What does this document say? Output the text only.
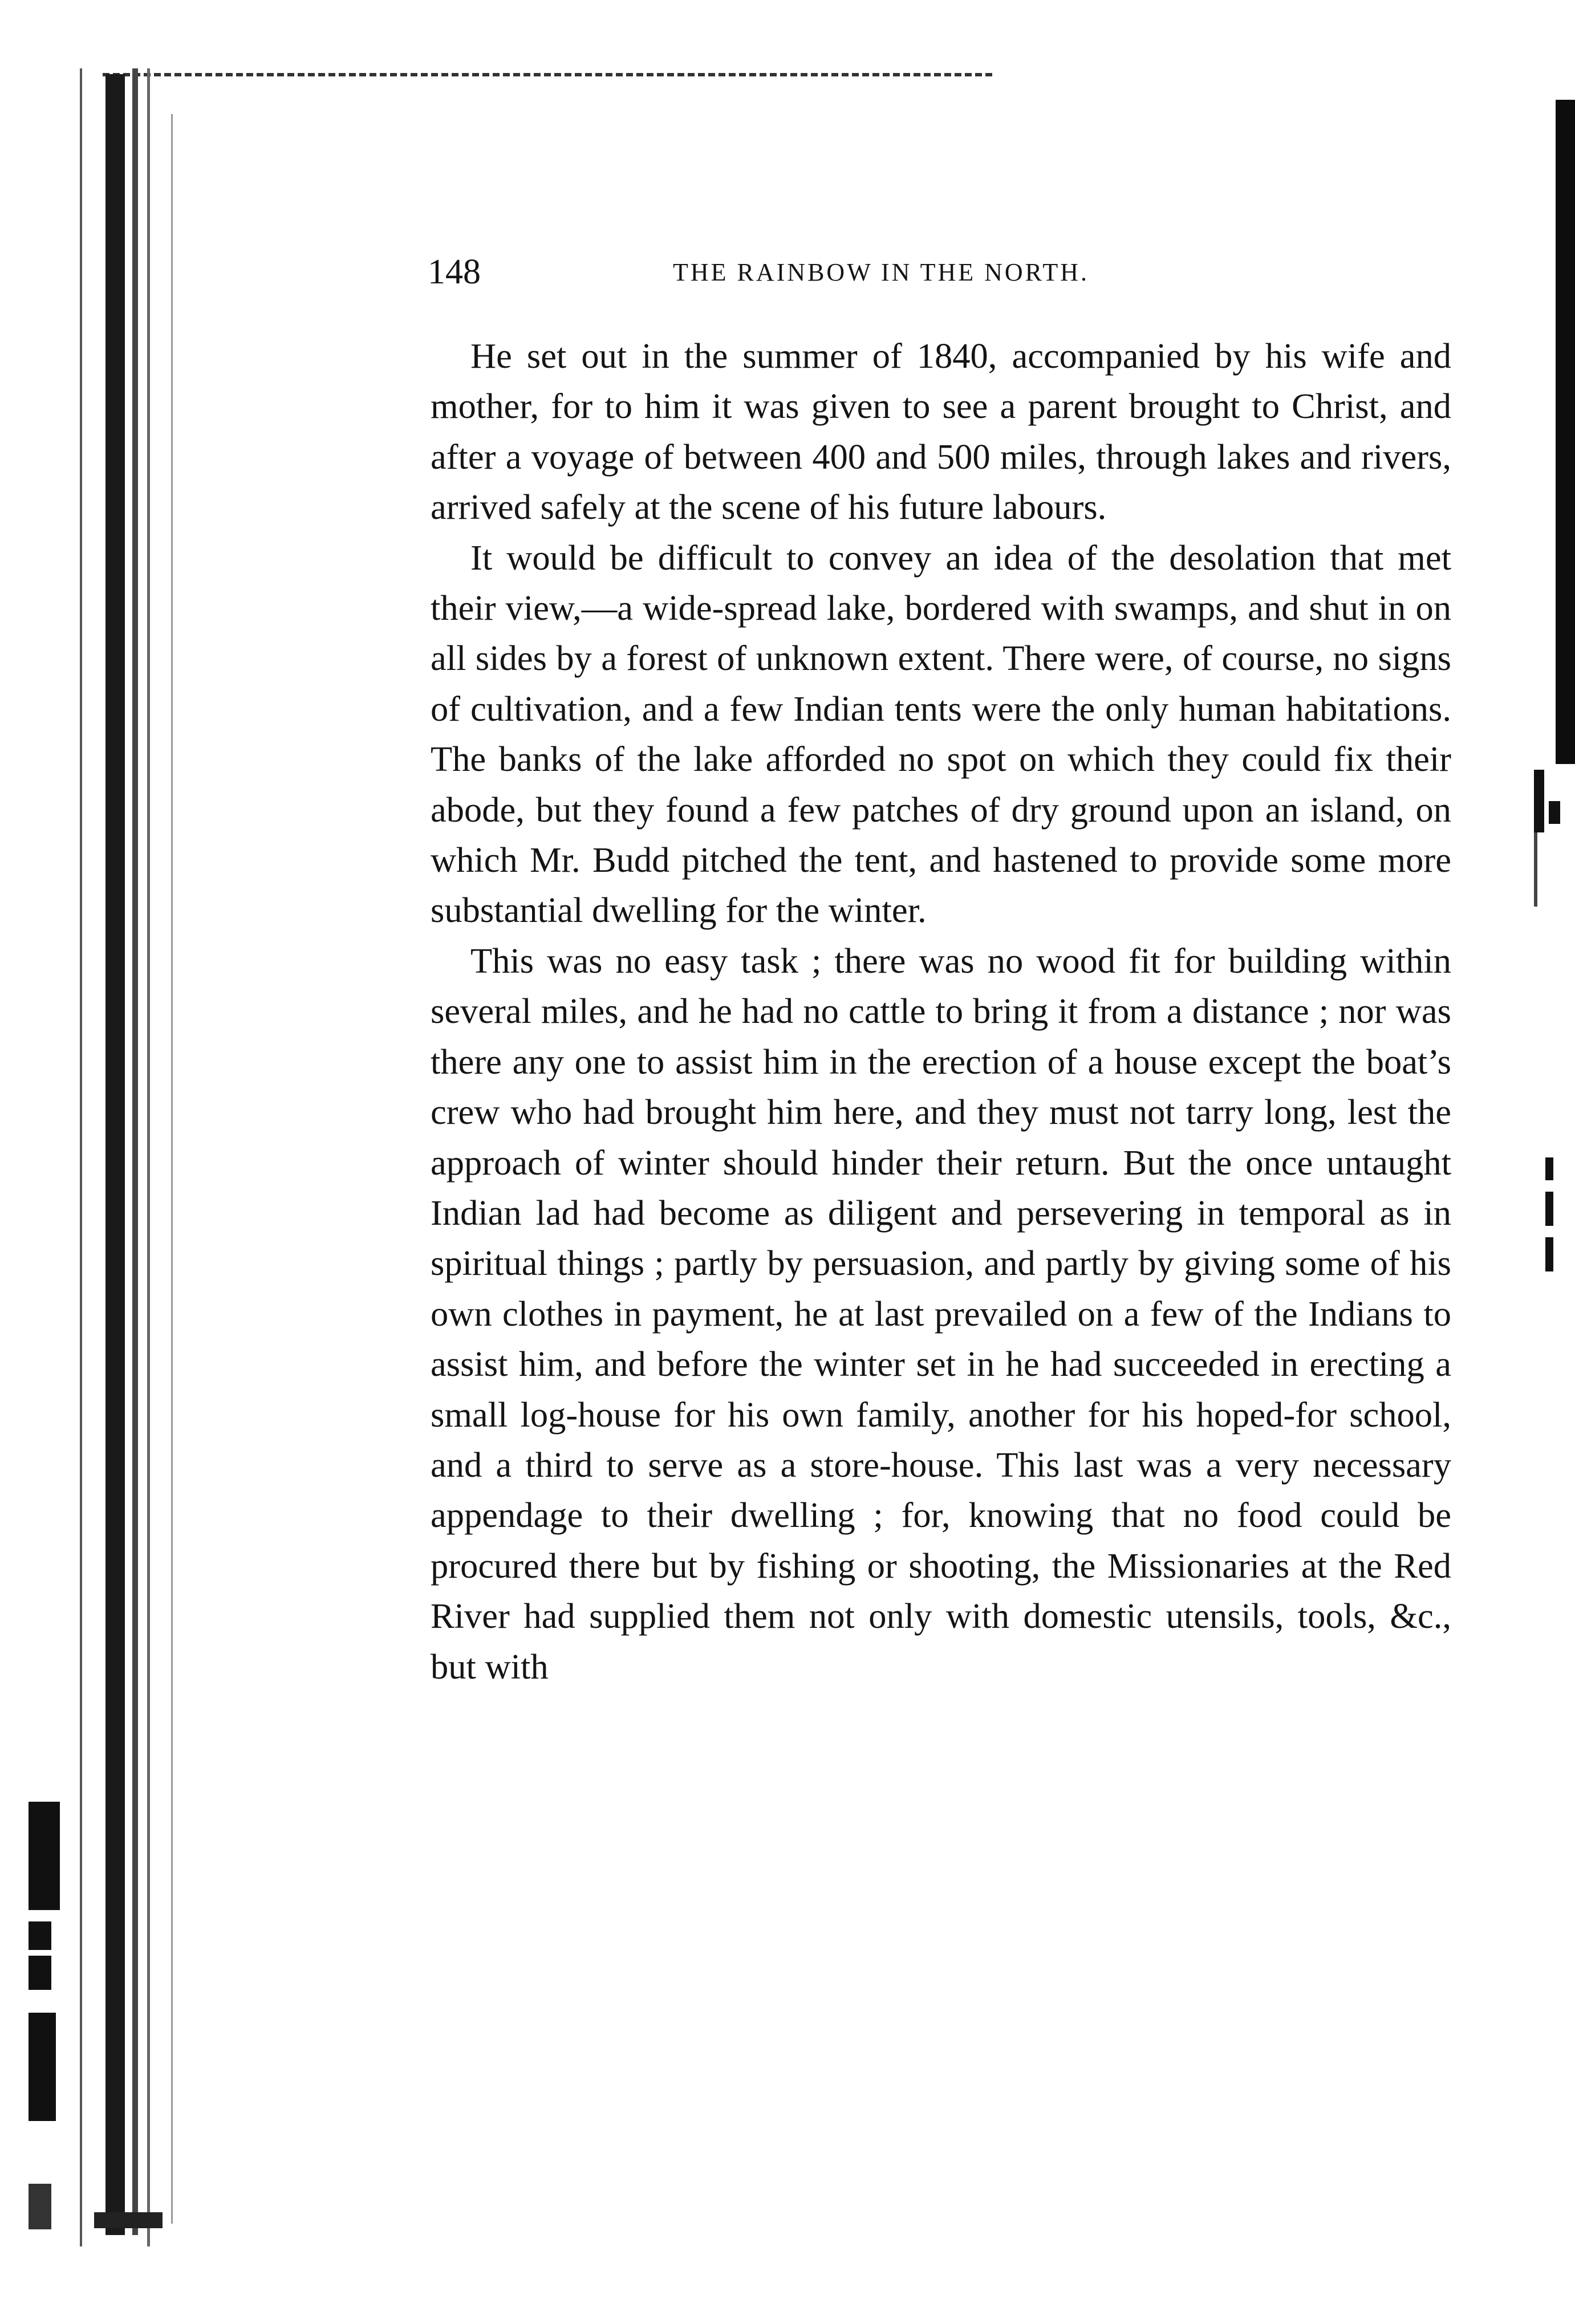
148	THE RAINBOW IN THE NORTH.

He set out in the summer of 1840, accompanied by his wife and mother, for to him it was given to see a parent brought to Christ, and after a voyage of between 400 and 500 miles, through lakes and rivers, arrived safely at the scene of his future labours.

It would be difficult to convey an idea of the desolation that met their view,—a wide-spread lake, bordered with swamps, and shut in on all sides by a forest of unknown extent. There were, of course, no signs of cultivation, and a few Indian tents were the only human habitations. The banks of the lake afforded no spot on which they could fix their abode, but they found a few patches of dry ground upon an island, on which Mr. Budd pitched the tent, and hastened to provide some more substantial dwelling for the winter.

This was no easy task ; there was no wood fit for building within several miles, and he had no cattle to bring it from a distance ; nor was there any one to assist him in the erection of a house except the boat’s crew who had brought him here, and they must not tarry long, lest the approach of winter should hinder their return. But the once untaught Indian lad had become as diligent and persevering in temporal as in spiritual things ; partly by persuasion, and partly by giving some of his own clothes in payment, he at last prevailed on a few of the Indians to assist him, and before the winter set in he had succeeded in erecting a small log-house for his own family, another for his hoped-for school, and a third to serve as a store-house. This last was a very necessary appendage to their dwelling ; for, knowing that no food could be procured there but by fishing or shooting, the Missionaries at the Red River had supplied them not only with domestic utensils, tools, &c., but with
